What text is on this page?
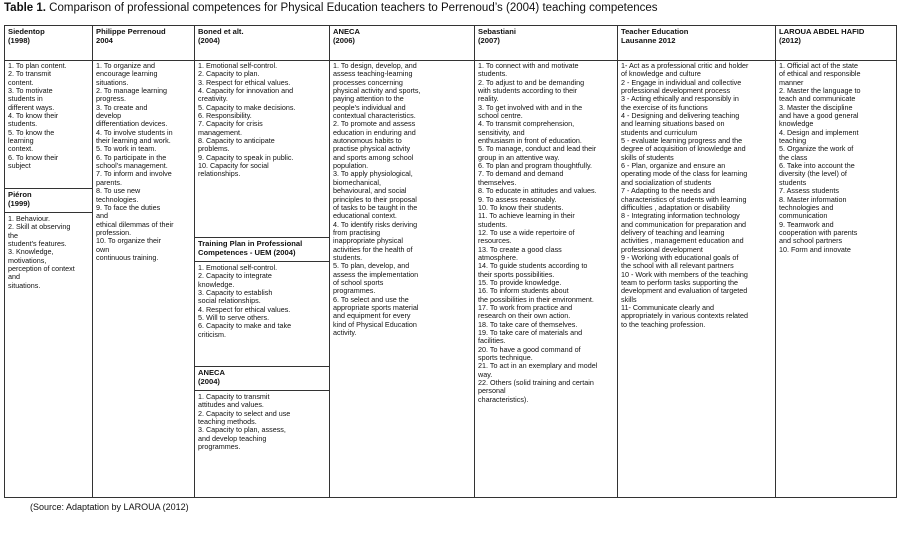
Table 1. Comparison of professional competences for Physical Education teachers to Perrenoud’s (2004) teaching competences
Siedentop
(1998)
1. To plan content.
2. To transmit
content.
3. To motivate
students in
different ways.
4. To know their
students.
5. To know the
learning
context.
6. To know their
subject
Piéron
(1999)
1. Behaviour.
2. Skill at observing
the
student’s features.
3. Knowledge,
motivations,
perception of context
and
situations.
Philippe Perrenoud
2004
1. To organize and
encourage learning
situations.
2. To manage learning
progress.
3. To create and
develop
differentiation devices.
4. To involve students in
their learning and work.
5. To work in team.
6. To participate in the
school’s management.
7. To inform and involve
parents.
8. To use new
technologies.
9. To face the duties
and
ethical dilemmas of their
profession.
10. To organize their
own
continuous training.
Boned et alt.
(2004)
1. Emotional self-control.
2. Capacity to plan.
3. Respect for ethical values.
4. Capacity for innovation and
creativity.
5. Capacity to make decisions.
6. Responsibility.
7. Capacity for crisis
management.
8. Capacity to anticipate
problems.
9. Capacity to speak in public.
10. Capacity for social
relationships.
Training Plan in Professional
Competences - UEM (2004)
1. Emotional self-control.
2. Capacity to integrate
knowledge.
3. Capacity to establish
social relationships.
4. Respect for ethical values.
5. Will to serve others.
6. Capacity to make and take
criticism.
ANECA
(2004)
1. Capacity to transmit
attitudes and values.
2. Capacity to select and use
teaching methods.
3. Capacity to plan, assess,
and develop teaching
programmes.
ANECA
(2006)
1. To design, develop, and
assess teaching-learning
processes concerning
physical activity and sports,
paying attention to the
people’s individual and
contextual characteristics.
2. To promote and assess
education in enduring and
autonomous habits to
practise physical activity
and sports among school
population.
3. To apply physiological,
biomechanical,
behavioural, and social
principles to their proposal
of tasks to be taught in the
educational context.
4. To identify risks deriving
from practising
inappropriate physical
activities for the health of
students.
5. To plan, develop, and
assess the implementation
of school sports
programmes.
6. To select and use the
appropriate sports material
and equipment for every
kind of Physical Education
activity.
Sebastiani
(2007)
1. To connect with and motivate
students.
2. To adjust to and be demanding
with students according to their
reality.
3. To get involved with and in the
school centre.
4. To transmit comprehension,
sensitivity, and
enthusiasm in front of education.
5. To manage, conduct and lead their
group in an attentive way.
6. To plan and program thoughtfully.
7. To demand and demand
themselves.
8. To educate in attitudes and values.
9. To assess reasonably.
10. To know their students.
11. To achieve learning in their
students.
12. To use a wide repertoire of
resources.
13. To create a good class
atmosphere.
14. To guide students according to
their sports possibilities.
15. To provide knowledge.
16. To inform students about
the possibilities in their environment.
17. To work from practice and
research on their own action.
18. To take care of themselves.
19. To take care of materials and
facilities.
20. To have a good command of
sports technique.
21. To act in an exemplary and model
way.
22. Others (solid training and certain
personal
characteristics).
Teacher Education
Lausanne 2012
1- Act as a professional critic and holder
of knowledge and culture
2 - Engage in individual and collective
professional development process
3 - Acting ethically and responsibly in
the exercise of its functions
4 - Designing and delivering teaching
and learning situations based on
students and curriculum
5 - evaluate learning progress and the
degree of acquisition of knowledge and
skills of students
6 - Plan, organize and ensure an
operating mode of the class for learning
and socialization of students
7 - Adapting to the needs and
characteristics of students with learning
difficulties , adaptation or disability
8 - Integrating information technology
and communication for preparation and
delivery of teaching and learning
activities , management education and
professional development
9 - Working with educational goals of
the school with all relevant partners
10 - Work with members of the teaching
team to perform tasks supporting the
development and evaluation of targeted
skills
11- Communicate clearly and
appropriately in various contexts related
to the teaching profession.
LAROUA ABDEL HAFID
(2012)
1. Official act of the state
of ethical and responsible
manner
2. Master the language to
teach and communicate
3. Master the discipline
and have a good general
knowledge
4. Design and implement
teaching
5. Organize the work of
the class
6. Take into account the
diversity (the level) of
students
7. Assess students
8. Master information
technologies and
communication
9. Teamwork and
cooperation with parents
and school partners
10. Form and innovate
(Source: Adaptation by LAROUA (2012)
